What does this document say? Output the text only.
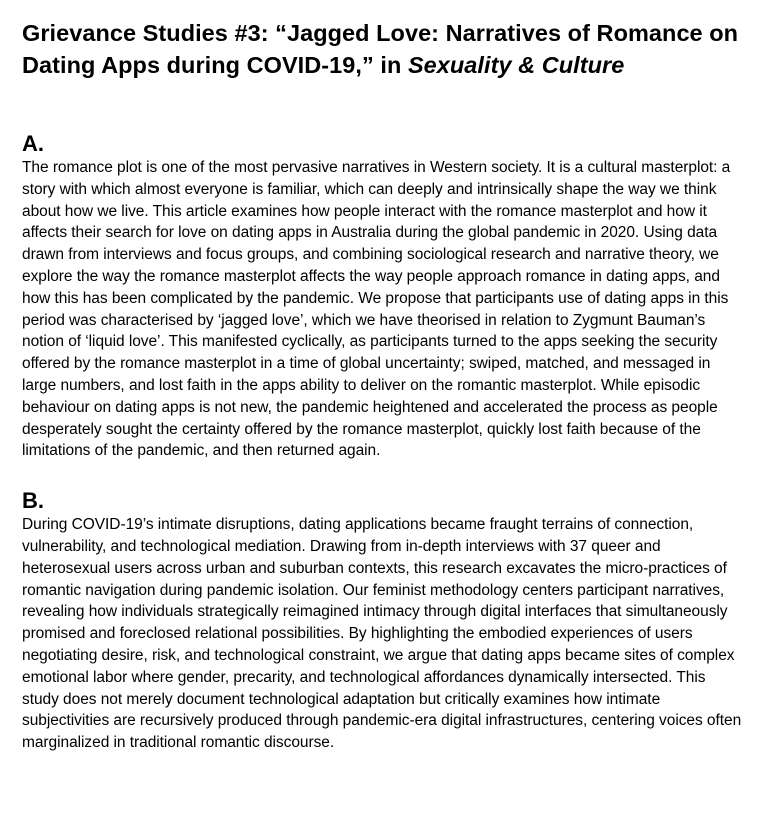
Grievance Studies #3: “Jagged Love: Narratives of Romance on Dating Apps during COVID-19,” in Sexuality & Culture
A.

The romance plot is one of the most pervasive narratives in Western society. It is a cultural masterplot: a story with which almost everyone is familiar, which can deeply and intrinsically shape the way we think about how we live. This article examines how people interact with the romance masterplot and how it affects their search for love on dating apps in Australia during the global pandemic in 2020. Using data drawn from interviews and focus groups, and combining sociological research and narrative theory, we explore the way the romance masterplot affects the way people approach romance in dating apps, and how this has been complicated by the pandemic. We propose that participants use of dating apps in this period was characterised by ‘jagged love’, which we have theorised in relation to Zygmunt Bauman’s notion of ‘liquid love’. This manifested cyclically, as participants turned to the apps seeking the security offered by the romance masterplot in a time of global uncertainty; swiped, matched, and messaged in large numbers, and lost faith in the apps ability to deliver on the romantic masterplot. While episodic behaviour on dating apps is not new, the pandemic heightened and accelerated the process as people desperately sought the certainty offered by the romance masterplot, quickly lost faith because of the limitations of the pandemic, and then returned again.

B.

During COVID-19’s intimate disruptions, dating applications became fraught terrains of connection, vulnerability, and technological mediation. Drawing from in-depth interviews with 37 queer and heterosexual users across urban and suburban contexts, this research excavates the micro-practices of romantic navigation during pandemic isolation. Our feminist methodology centers participant narratives, revealing how individuals strategically reimagined intimacy through digital interfaces that simultaneously promised and foreclosed relational possibilities. By highlighting the embodied experiences of users negotiating desire, risk, and technological constraint, we argue that dating apps became sites of complex emotional labor where gender, precarity, and technological affordances dynamically intersected. This study does not merely document technological adaptation but critically examines how intimate subjectivities are recursively produced through pandemic-era digital infrastructures, centering voices often marginalized in traditional romantic discourse.
